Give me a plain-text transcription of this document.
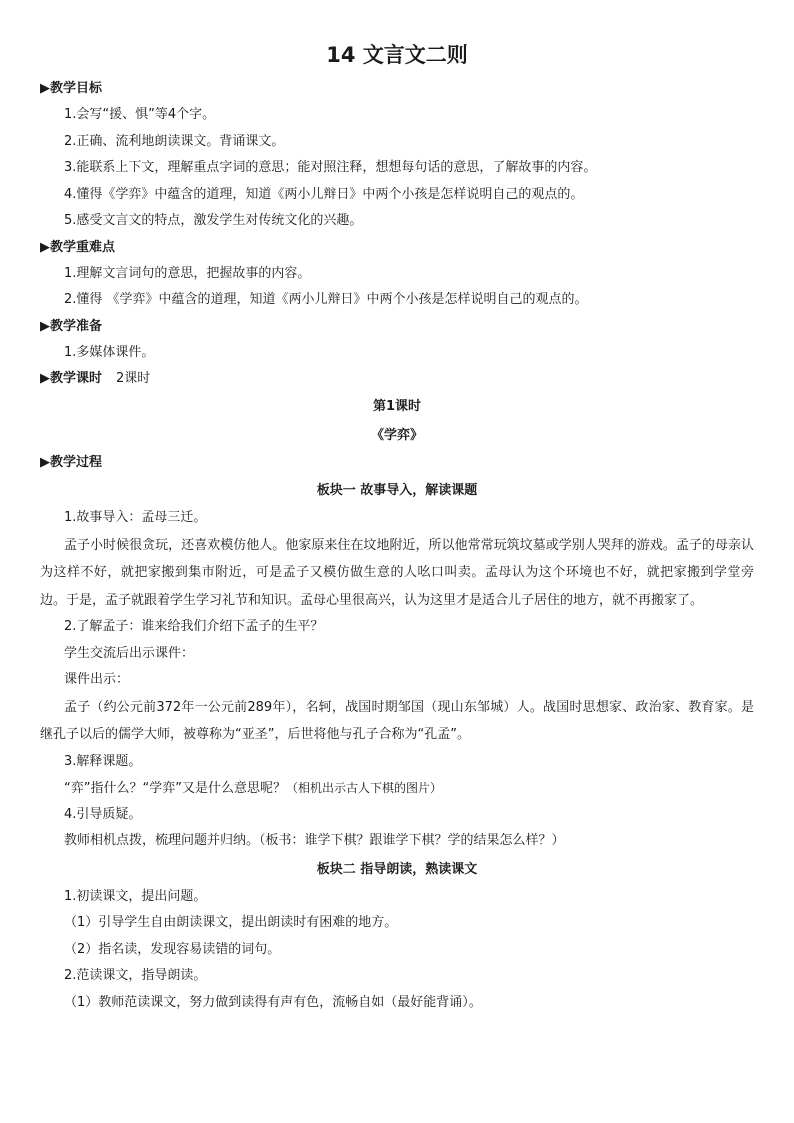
14 文言文二则
▶教学目标
1.会写“援、惧”等4个字。
2.正确、流利地朗读课文。背诵课文。
3.能联系上下文，理解重点字词的意思；能对照注释，想想每句话的意思，了解故事的内容。
4.懂得《学弈》中蕴含的道理，知道《两小儿辩日》中两个小孩是怎样说明自己的观点的。
5.感受文言文的特点，激发学生对传统文化的兴趣。
▶教学重难点
1.理解文言词句的意思，把握故事的内容。
2.懂得 《学弈》中蕴含的道理，知道《两小儿辩日》中两个小孩是怎样说明自己的观点的。
▶教学准备
1.多媒体课件。
▶教学课时 2课时
第1课时
《学弈》
▶教学过程
板块一 故事导入，解读课题
1.故事导入：孟母三迁。

孟子小时候很贪玩，还喜欢模仿他人。他家原来住在坟地附近，所以他常常玩筑坟墓或学别人哭拜的游戏。孟子的母亲认为这样不好，就把家搬到集市附近，可是孟子又模仿做生意的人吆口叫卖。孟母认为这个环境也不好，就把家搬到学堂旁边。于是，孟子就跟着学生学习礼节和知识。孟母心里很高兴，认为这里才是适合儿子居住的地方，就不再搬家了。

2.了解孟子：谁来给我们介绍下孟子的生平？
学生交流后出示课件：
课件出示：

孟子（约公元前372年一公元前289年），名轲，战国时期邹国（现山东邹城）人。战国时思想家、政治家、教育家。是继孔子以后的儒学大师，被尊称为“亚圣”，后世将他与孔子合称为“孔孟”。

3.解释课题。
“弈”指什么？“学弈”又是什么意思呢？（相机出示古人下棋的图片）
4.引导质疑。
教师相机点拨，梳理问题并归纳。（板书：谁学下棋？跟谁学下棋？学的结果怎么样？）
板块二 指导朗读，熟读课文
1.初读课文，提出问题。
（1）引导学生自由朗读课文，提出朗读时有困难的地方。
（2）指名读，发现容易读错的词句。
2.范读课文，指导朗读。
（1）教师范读课文，努力做到读得有声有色，流畅自如（最好能背诵）。
